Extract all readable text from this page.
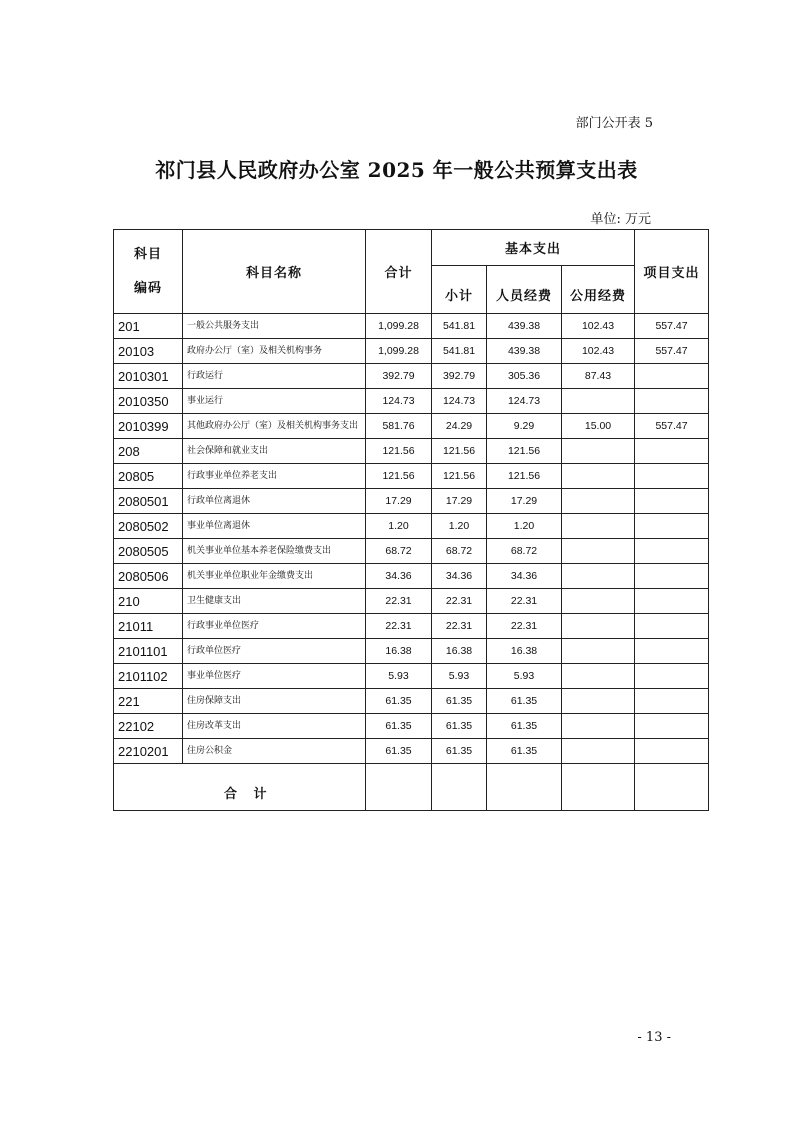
部门公开表 5
祁门县人民政府办公室 2025 年一般公共预算支出表
单位: 万元
科目
编码	科目名称	合计	基本支出			项目支出
			小计	人员经费	公用经费	
201	一般公共服务支出	1,099.28	541.81	439.38	102.43	557.47
20103	政府办公厅（室）及相关机构事务	1,099.28	541.81	439.38	102.43	557.47
2010301	行政运行	392.79	392.79	305.36	87.43	
2010350	事业运行	124.73	124.73	124.73		
2010399	其他政府办公厅（室）及相关机构事务支出	581.76	24.29	9.29	15.00	557.47
208	社会保障和就业支出	121.56	121.56	121.56		
20805	行政事业单位养老支出	121.56	121.56	121.56		
2080501	行政单位离退休	17.29	17.29	17.29		
2080502	事业单位离退休	1.20	1.20	1.20		
2080505	机关事业单位基本养老保险缴费支出	68.72	68.72	68.72		
2080506	机关事业单位职业年金缴费支出	34.36	34.36	34.36		
210	卫生健康支出	22.31	22.31	22.31		
21011	行政事业单位医疗	22.31	22.31	22.31		
2101101	行政单位医疗	16.38	16.38	16.38		
2101102	事业单位医疗	5.93	5.93	5.93		
221	住房保障支出	61.35	61.35	61.35		
22102	住房改革支出	61.35	61.35	61.35		
2210201	住房公积金	61.35	61.35	61.35		
合 计						
- 13 -
